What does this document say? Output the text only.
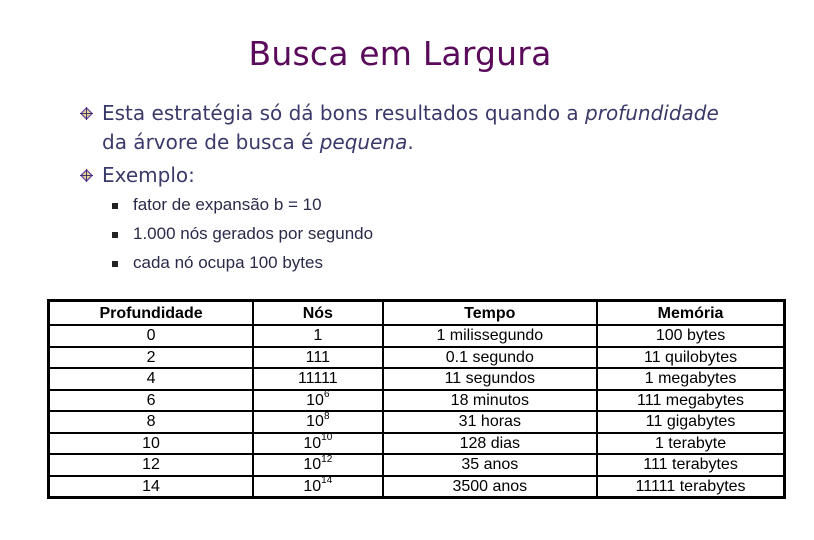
Busca em Largura
Esta estratégia só dá bons resultados quando a profundidade
da árvore de busca é pequena.
Exemplo:
fator de expansão b = 10
1.000 nós gerados por segundo
cada nó ocupa 100 bytes
Profundidade	Nós	Tempo	Memória
0	1	1 milissegundo	100 bytes
2	111	0.1 segundo	11 quilobytes
4	11111	11 segundos	1 megabytes
6	$10^6$	18 minutos	111 megabytes
8	$10^8$	31 horas	11 gigabytes
10	$10^{10}$	128 dias	1 terabyte
12	$10^{12}$	35 anos	111 terabytes
14	$10^{14}$	3500 anos	11111 terabytes
